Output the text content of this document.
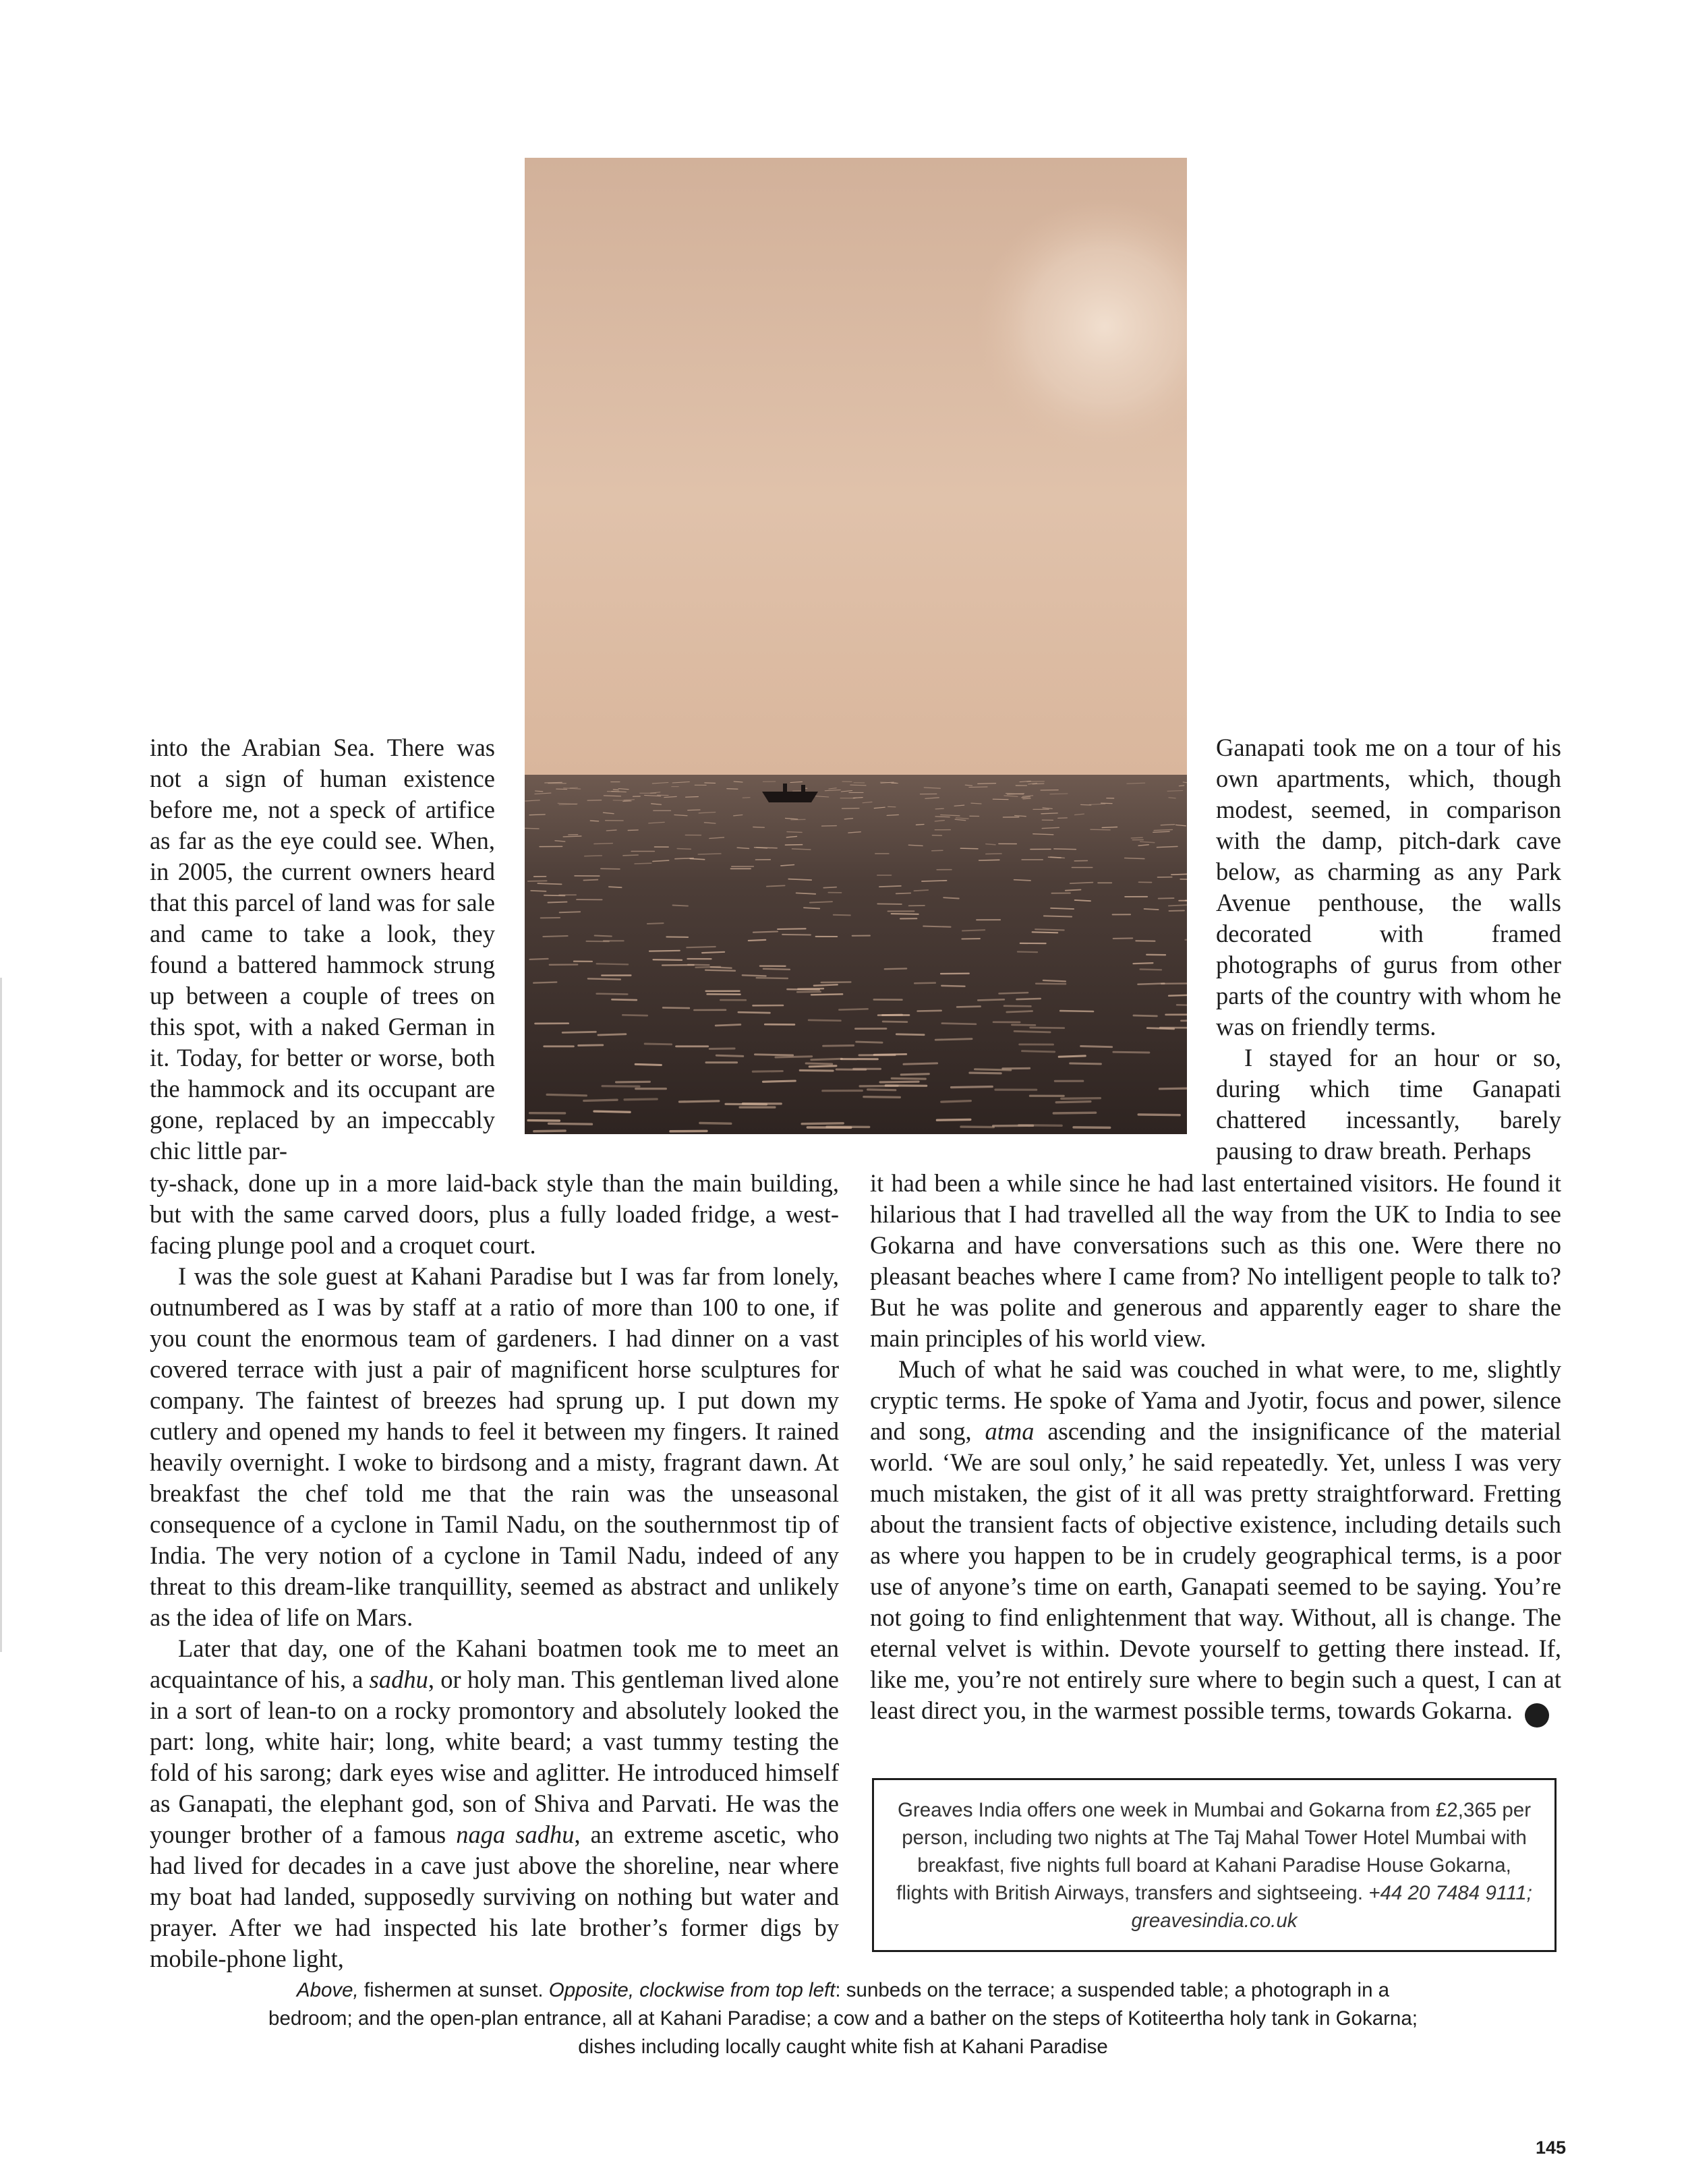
into the Arabian Sea. There was not a sign of human existence before me, not a speck of artifice as far as the eye could see. When, in 2005, the current owners heard that this parcel of land was for sale and came to take a look, they found a battered hammock strung up between a couple of trees on this spot, with a naked German in it. Today, for better or worse, both the hammock and its occupant are gone, replaced by an impeccably chic little par-

ty-shack, done up in a more laid-back style than the main building, but with the same carved doors, plus a fully loaded fridge, a west-facing plunge pool and a croquet court.

I was the sole guest at Kahani Paradise but I was far from lonely, outnumbered as I was by staff at a ratio of more than 100 to one, if you count the enormous team of gardeners. I had dinner on a vast covered terrace with just a pair of magnificent horse sculptures for company. The faintest of breezes had sprung up. I put down my cutlery and opened my hands to feel it between my fingers. It rained heavily overnight. I woke to birdsong and a misty, fragrant dawn. At breakfast the chef told me that the rain was the unseasonal consequence of a cyclone in Tamil Nadu, on the southernmost tip of India. The very notion of a cyclone in Tamil Nadu, indeed of any threat to this dream-like tranquillity, seemed as abstract and unlikely as the idea of life on Mars.

Later that day, one of the Kahani boatmen took me to meet an acquaintance of his, a sadhu, or holy man. This gentleman lived alone in a sort of lean-to on a rocky promontory and absolutely looked the part: long, white hair; long, white beard; a vast tummy testing the fold of his sarong; dark eyes wise and aglitter. He introduced himself as Ganapati, the elephant god, son of Shiva and Parvati. He was the younger brother of a famous naga sadhu, an extreme ascetic, who had lived for decades in a cave just above the shoreline, near where my boat had landed, supposedly surviving on nothing but water and prayer. After we had inspected his late brother’s former digs by mobile-phone light,

Ganapati took me on a tour of his own apartments, which, though modest, seemed, in comparison with the damp, pitch-dark cave below, as charming as any Park Avenue penthouse, the walls decorated with framed photographs of gurus from other parts of the country with whom he was on friendly terms.

I stayed for an hour or so, during which time Ganapati chattered incessantly, barely pausing to draw breath. Perhaps

it had been a while since he had last entertained visitors. He found it hilarious that I had travelled all the way from the UK to India to see Gokarna and have conversations such as this one. Were there no pleasant beaches where I came from? No intelligent people to talk to? But he was polite and generous and apparently eager to share the main principles of his world view.

Much of what he said was couched in what were, to me, slightly cryptic terms. He spoke of Yama and Jyotir, focus and power, silence and song, atma ascending and the insignificance of the material world. ‘We are soul only,’ he said repeatedly. Yet, unless I was very much mistaken, the gist of it all was pretty straightforward. Fretting about the transient facts of objective existence, including details such as where you happen to be in crudely geographical terms, is a poor use of anyone’s time on earth, Ganapati seemed to be saying. You’re not going to find enlightenment that way. Without, all is change. The eternal velvet is within. Devote yourself to getting there instead. If, like me, you’re not entirely sure where to begin such a quest, I can at least direct you, in the warmest possible terms, towards Gokarna. T

Greaves India offers one week in Mumbai and Gokarna from £2,365 per person, including two nights at The Taj Mahal Tower Hotel Mumbai with breakfast, five nights full board at Kahani Paradise House Gokarna, flights with British Airways, transfers and sightseeing. +44 20 7484 9111; greavesindia.co.uk
Above, fishermen at sunset. Opposite, clockwise from top left: sunbeds on the terrace; a suspended table; a photograph in a bedroom; and the open-plan entrance, all at Kahani Paradise; a cow and a bather on the steps of Kotiteertha holy tank in Gokarna; dishes including locally caught white fish at Kahani Paradise
145
